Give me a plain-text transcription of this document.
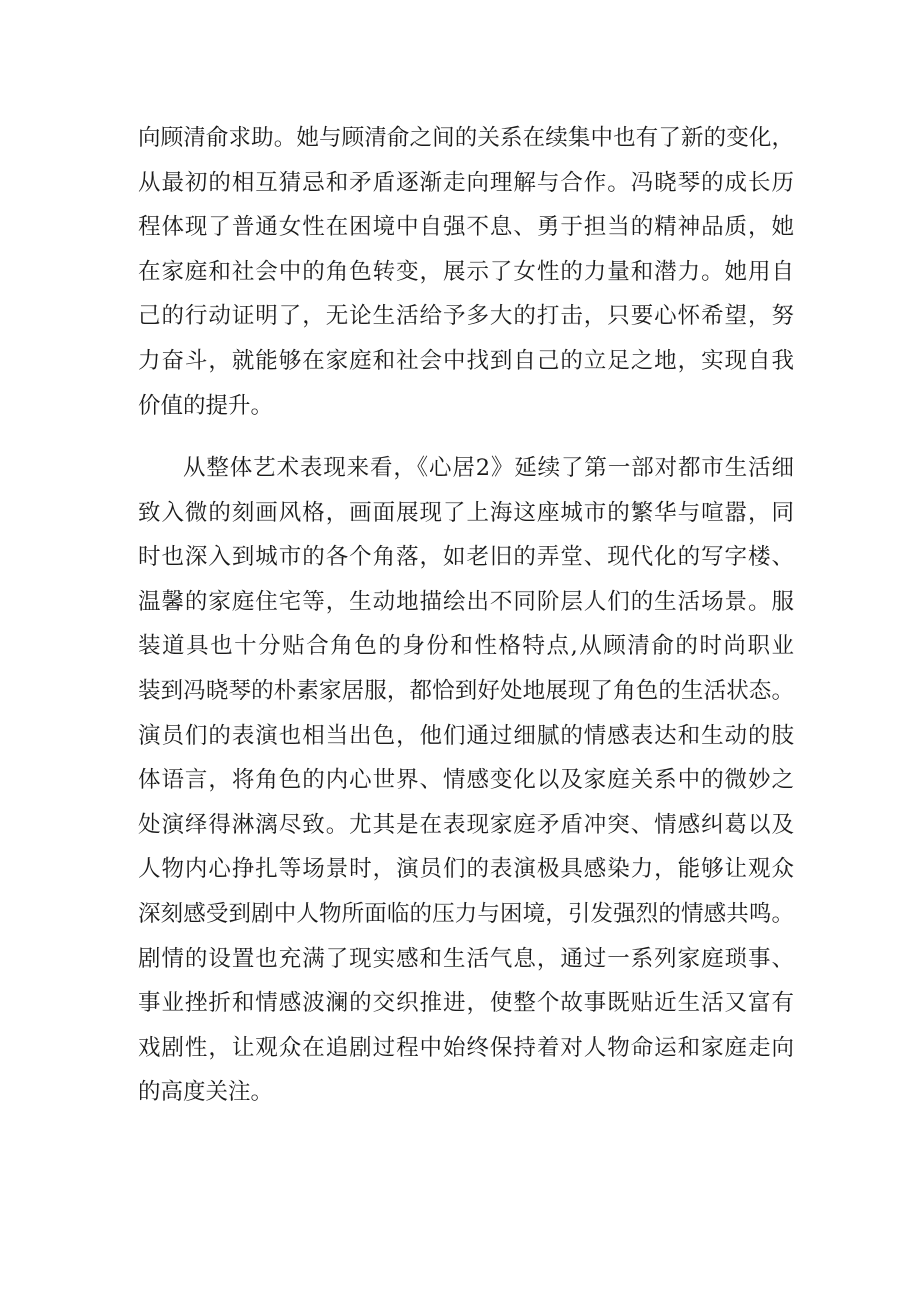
向顾清俞求助。她与顾清俞之间的关系在续集中也有了新的变化，
从最初的相互猜忌和矛盾逐渐走向理解与合作。冯晓琴的成长历
程体现了普通女性在困境中自强不息、勇于担当的精神品质，她
在家庭和社会中的角色转变，展示了女性的力量和潜力。她用自
己的行动证明了，无论生活给予多大的打击，只要心怀希望，努
力奋斗，就能够在家庭和社会中找到自己的立足之地，实现自我
价值的提升。
从整体艺术表现来看，《心居2》延续了第一部对都市生活细
致入微的刻画风格，画面展现了上海这座城市的繁华与喧嚣，同
时也深入到城市的各个角落，如老旧的弄堂、现代化的写字楼、
温馨的家庭住宅等，生动地描绘出不同阶层人们的生活场景。服
装道具也十分贴合角色的身份和性格特点,从顾清俞的时尚职业
装到冯晓琴的朴素家居服，都恰到好处地展现了角色的生活状态。
演员们的表演也相当出色，他们通过细腻的情感表达和生动的肢
体语言，将角色的内心世界、情感变化以及家庭关系中的微妙之
处演绎得淋漓尽致。尤其是在表现家庭矛盾冲突、情感纠葛以及
人物内心挣扎等场景时，演员们的表演极具感染力，能够让观众
深刻感受到剧中人物所面临的压力与困境，引发强烈的情感共鸣。
剧情的设置也充满了现实感和生活气息，通过一系列家庭琐事、
事业挫折和情感波澜的交织推进，使整个故事既贴近生活又富有
戏剧性，让观众在追剧过程中始终保持着对人物命运和家庭走向
的高度关注。
